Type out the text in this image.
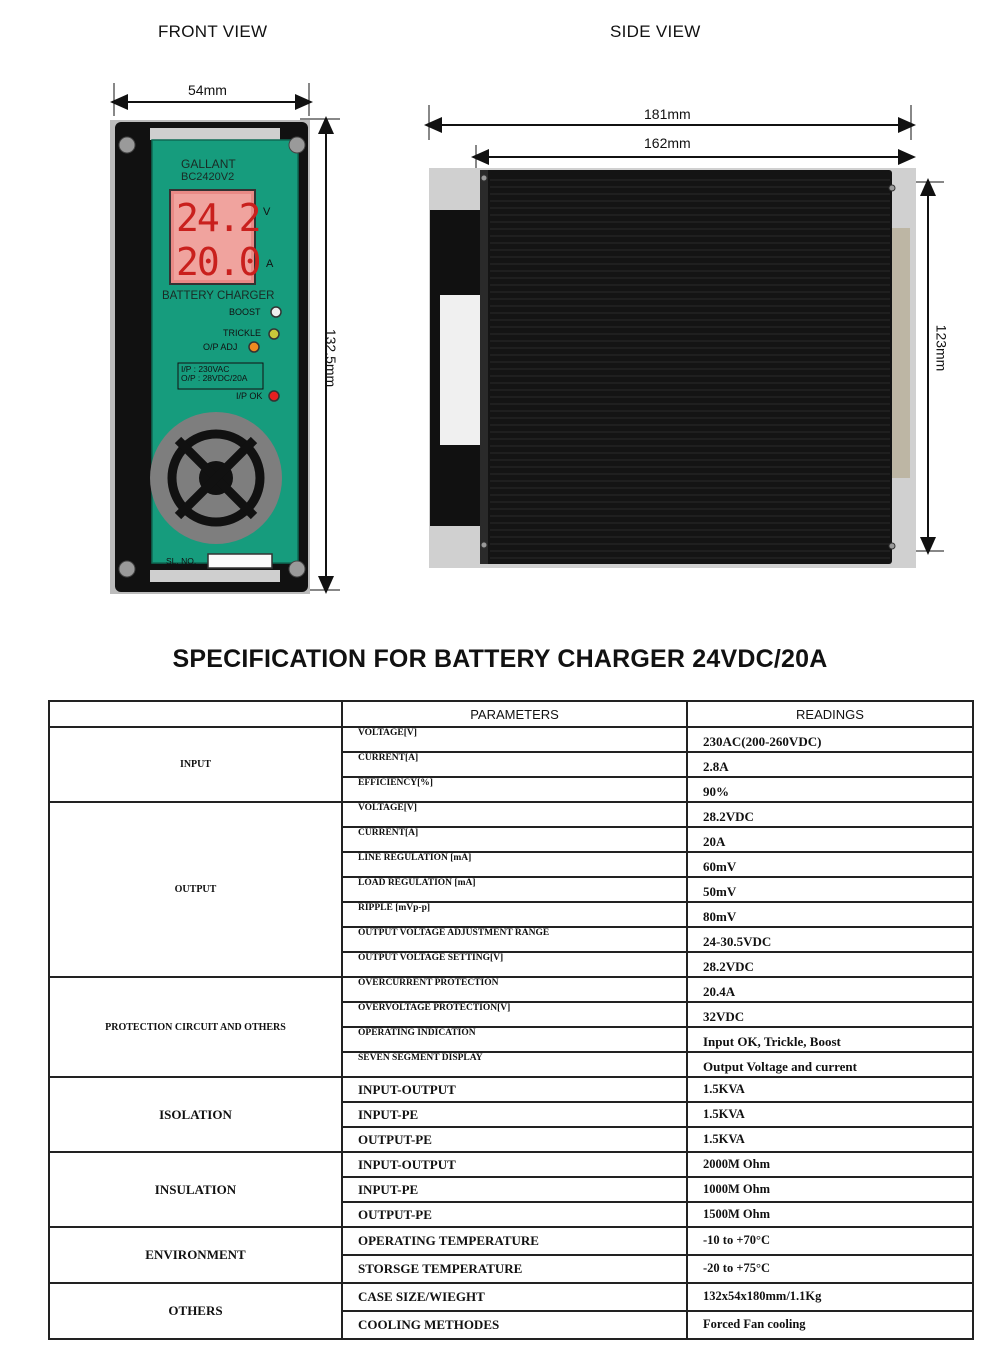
FRONT VIEW	SIDE VIEW
54mm
132.5mm
GALLANT
BC2420V2
24.2
20.0
V
A
BATTERY CHARGER
BOOST
TRICKLE
O/P ADJ
I/P : 230VAC
O/P : 28VDC/20A
I/P OK
SL. NO.
181mm
162mm
123mm
SPECIFICATION FOR BATTERY CHARGER 24VDC/20A
	PARAMETERS	READINGS
INPUT	VOLTAGE[V]	230AC(200-260VDC)
	CURRENT[A]	2.8A
	EFFICIENCY[%]	90%
OUTPUT	VOLTAGE[V]	28.2VDC
	CURRENT[A]	20A
	LINE REGULATION [mA]	60mV
	LOAD REGULATION [mA]	50mV
	RIPPLE [mVp-p]	80mV
	OUTPUT VOLTAGE ADJUSTMENT RANGE	24-30.5VDC
	OUTPUT VOLTAGE SETTING[V]	28.2VDC
PROTECTION CIRCUIT AND OTHERS	OVERCURRENT PROTECTION	20.4A
	OVERVOLTAGE PROTECTION[V]	32VDC
	OPERATING INDICATION	Input OK, Trickle, Boost
	SEVEN SEGMENT DISPLAY	Output Voltage and current
ISOLATION	INPUT-OUTPUT	1.5KVA
	INPUT-PE	1.5KVA
	OUTPUT-PE	1.5KVA
INSULATION	INPUT-OUTPUT	2000M Ohm
	INPUT-PE	1000M Ohm
	OUTPUT-PE	1500M Ohm
ENVIRONMENT	OPERATING TEMPERATURE	-10 to +70°C
	STORSGE TEMPERATURE	-20 to +75°C
OTHERS	CASE SIZE/WIEGHT	132x54x180mm/1.1Kg
	COOLING METHODES	Forced Fan cooling
